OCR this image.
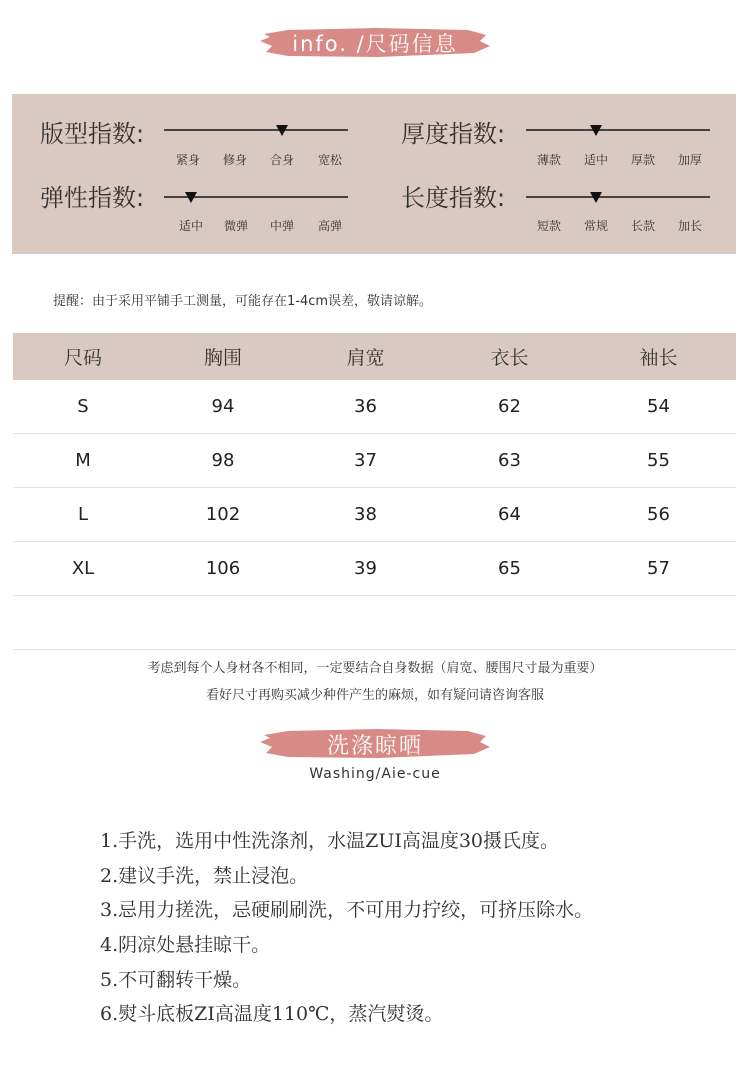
info. /尺码信息
版型指数:
紧身 修身 合身 宽松
厚度指数:
薄款 适中 厚款 加厚
弹性指数:
适中 微弹 中弹 高弹
长度指数:
短款 常规 长款 加长
提醒：由于采用平铺手工测量，可能存在1-4cm误差，敬请谅解。
尺码	胸围	肩宽	衣长	袖长
S	94	36	62	54
M	98	37	63	55
L	102	38	64	56
XL	106	39	65	57
考虑到每个人身材各不相同，一定要结合自身数据（肩宽、腰围尺寸最为重要）
看好尺寸再购买减少种件产生的麻烦，如有疑问请咨询客服
洗涤晾晒
Washing/Aie-cue
1.手洗，选用中性洗涤剂，水温ZUI高温度30摄氏度。
2.建议手洗，禁止浸泡。
3.忌用力搓洗，忌硬刷刷洗，不可用力拧绞，可挤压除水。
4.阴凉处悬挂晾干。
5.不可翻转干燥。
6.熨斗底板ZI高温度110℃，蒸汽熨烫。
